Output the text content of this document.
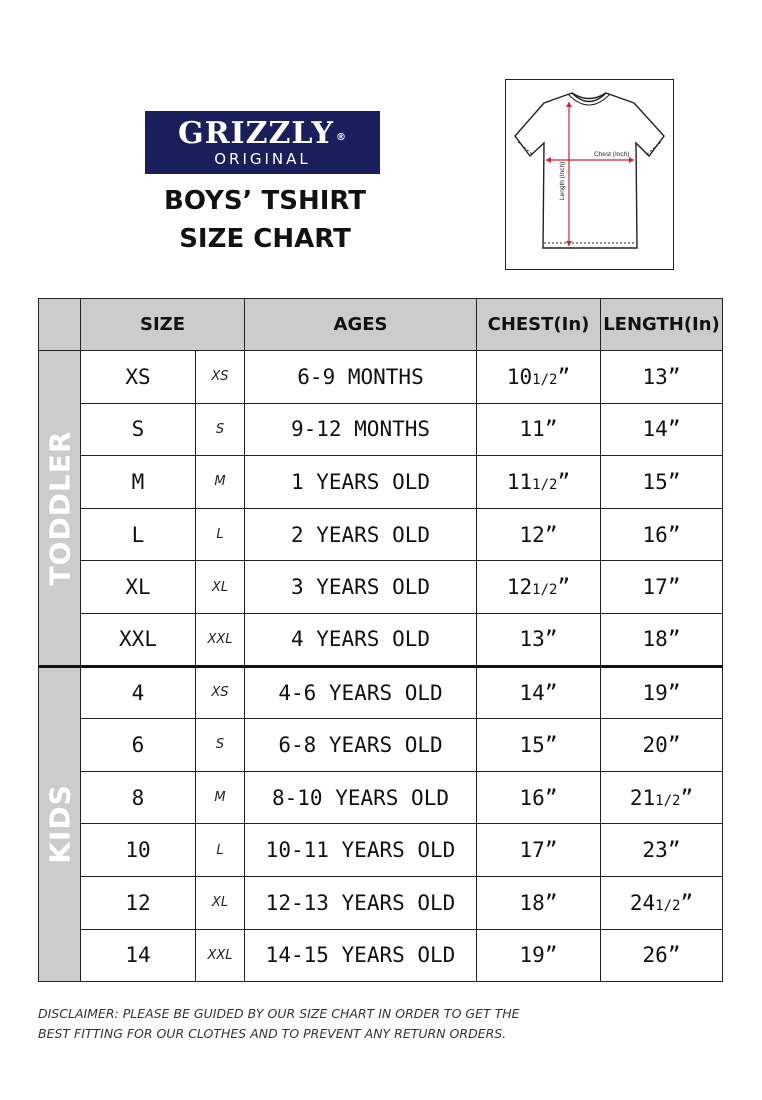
GRIZZLY ®
ORIGINAL
BOYS’ TSHIRT
SIZE CHART
Chest (Inch)
Length (Inch)
	SIZE		AGES	CHEST(In)	LENGTH(In)

TODDLER	XS	XS	6-9 MONTHS	101/2”	13”
	S	S	9-12 MONTHS	11”	14”
	M	M	1 YEARS OLD	111/2”	15”
	L	L	2 YEARS OLD	12”	16”
	XL	XL	3 YEARS OLD	121/2”	17”
	XXL	XXL	4 YEARS OLD	13”	18”

KIDS	4	XS	4-6 YEARS OLD	14”	19”
	6	S	6-8 YEARS OLD	15”	20”
	8	M	8-10 YEARS OLD	16”	211/2”
	10	L	10-11 YEARS OLD	17”	23”
	12	XL	12-13 YEARS OLD	18”	241/2”
	14	XXL	14-15 YEARS OLD	19”	26”
DISCLAIMER: PLEASE BE GUIDED BY OUR SIZE CHART IN ORDER TO GET THE
BEST FITTING FOR OUR CLOTHES AND TO PREVENT ANY RETURN ORDERS.
